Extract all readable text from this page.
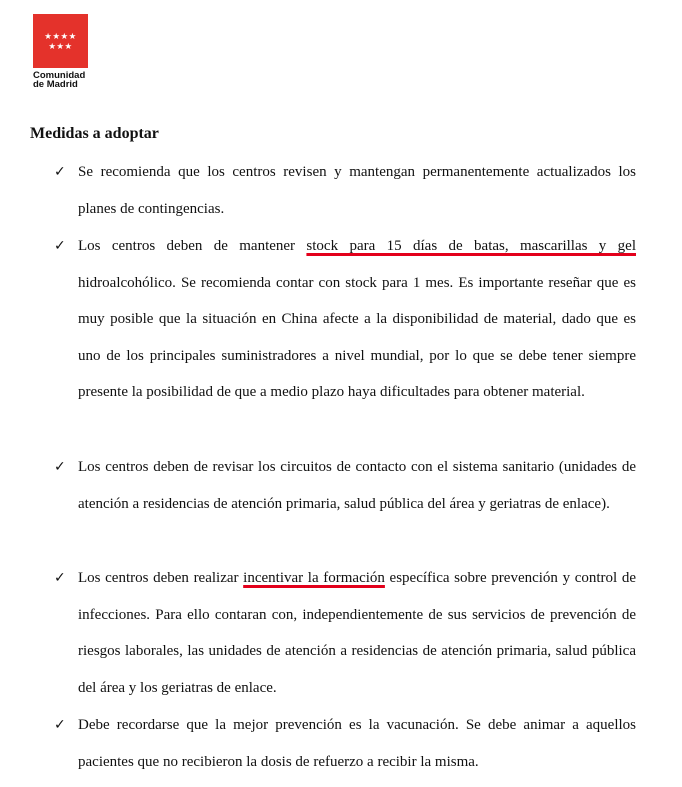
★★★★
★★★
Comunidad
de Madrid
Medidas a adoptar
✓ Se recomienda que los centros revisen y mantengan permanentemente actualizados los planes de contingencias.
✓ Los centros deben de mantener stock para 15 días de batas, mascarillas y gel hidroalcohólico. Se recomienda contar con stock para 1 mes. Es importante reseñar que es muy posible que la situación en China afecte a la disponibilidad de material, dado que es uno de los principales suministradores a nivel mundial, por lo que se debe tener siempre presente la posibilidad de que a medio plazo haya dificultades para obtener material.
✓ Los centros deben de revisar los circuitos de contacto con el sistema sanitario (unidades de atención a residencias de atención primaria, salud pública del área y geriatras de enlace).
✓ Los centros deben realizar incentivar la formación específica sobre prevención y control de infecciones. Para ello contaran con, independientemente de sus servicios de prevención de riesgos laborales, las unidades de atención a residencias de atención primaria, salud pública del área y los geriatras de enlace.
✓ Debe recordarse que la mejor prevención es la vacunación. Se debe animar a aquellos pacientes que no recibieron la dosis de refuerzo a recibir la misma.
